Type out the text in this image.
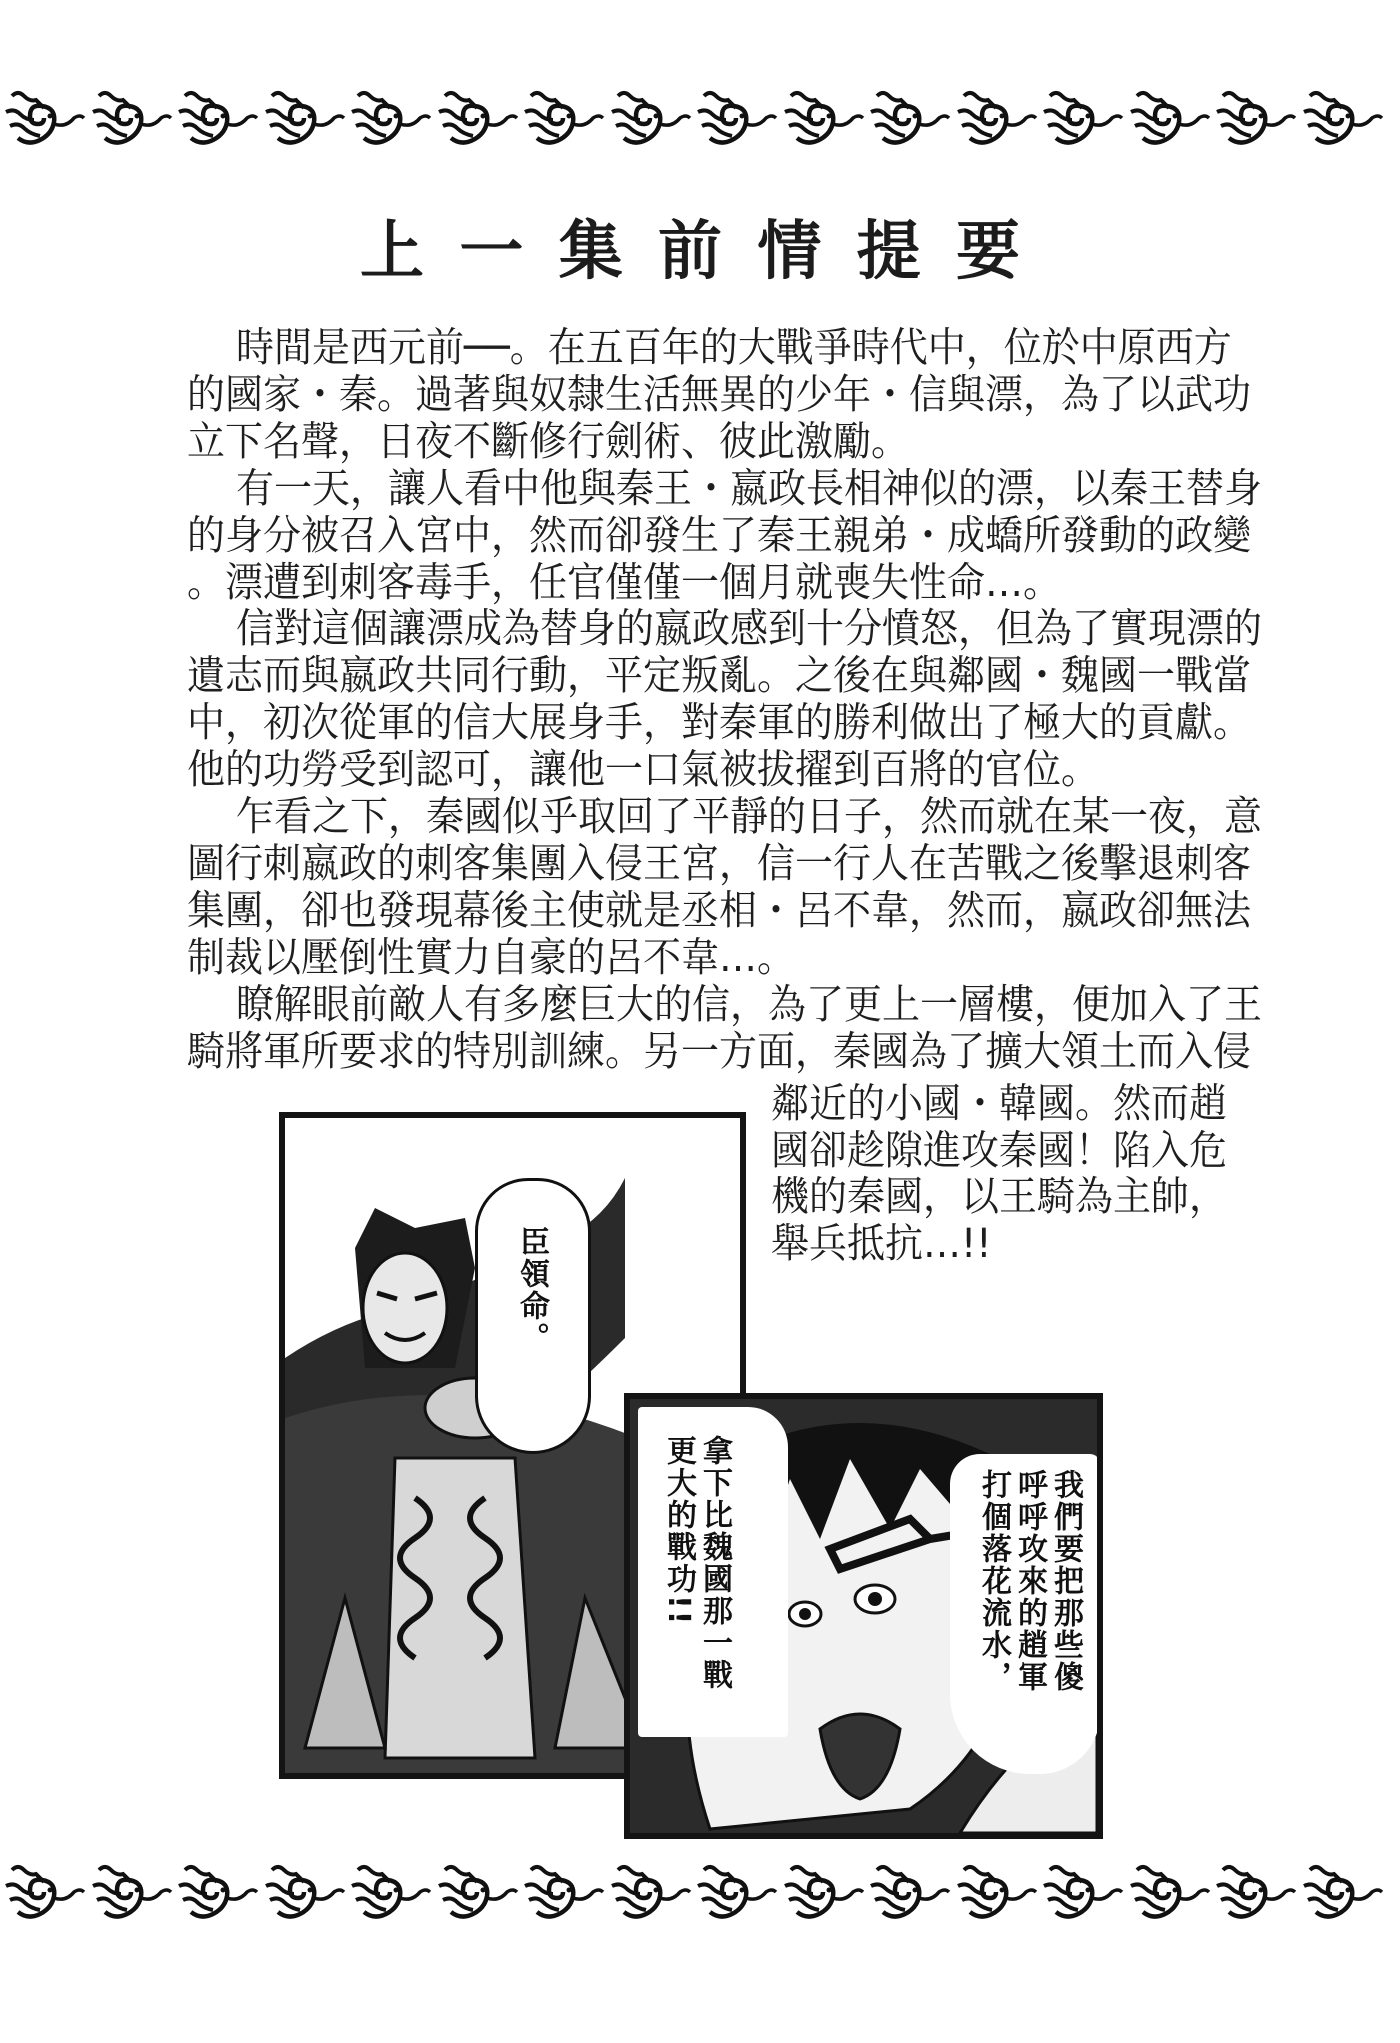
上 一 集 前 情 提 要
時間是西元前──。在五百年的大戰爭時代中，位於中原西方
的國家・秦。過著與奴隸生活無異的少年・信與漂，為了以武功
立下名聲，日夜不斷修行劍術、彼此激勵。
有一天，讓人看中他與秦王・嬴政長相神似的漂，以秦王替身
的身分被召入宮中，然而卻發生了秦王親弟・成蟜所發動的政變
。漂遭到刺客毒手，任官僅僅一個月就喪失性命…。
信對這個讓漂成為替身的嬴政感到十分憤怒，但為了實現漂的
遺志而與嬴政共同行動，平定叛亂。之後在與鄰國・魏國一戰當
中，初次從軍的信大展身手，對秦軍的勝利做出了極大的貢獻。
他的功勞受到認可，讓他一口氣被拔擢到百將的官位。
乍看之下，秦國似乎取回了平靜的日子，然而就在某一夜，意
圖行刺嬴政的刺客集團入侵王宮，信一行人在苦戰之後擊退刺客
集團，卻也發現幕後主使就是丞相・呂不韋，然而，嬴政卻無法
制裁以壓倒性實力自豪的呂不韋…。
瞭解眼前敵人有多麼巨大的信，為了更上一層樓，便加入了王
騎將軍所要求的特別訓練。另一方面，秦國為了擴大領土而入侵
鄰近的小國・韓國。然而趙
國卻趁隙進攻秦國！陷入危
機的秦國，以王騎為主帥，
舉兵抵抗…!!
臣領命。
拿下比魏國那一戰
更大的戰功!!	我們要把那些傻
呼呼攻來的趙軍
打個落花流水，
